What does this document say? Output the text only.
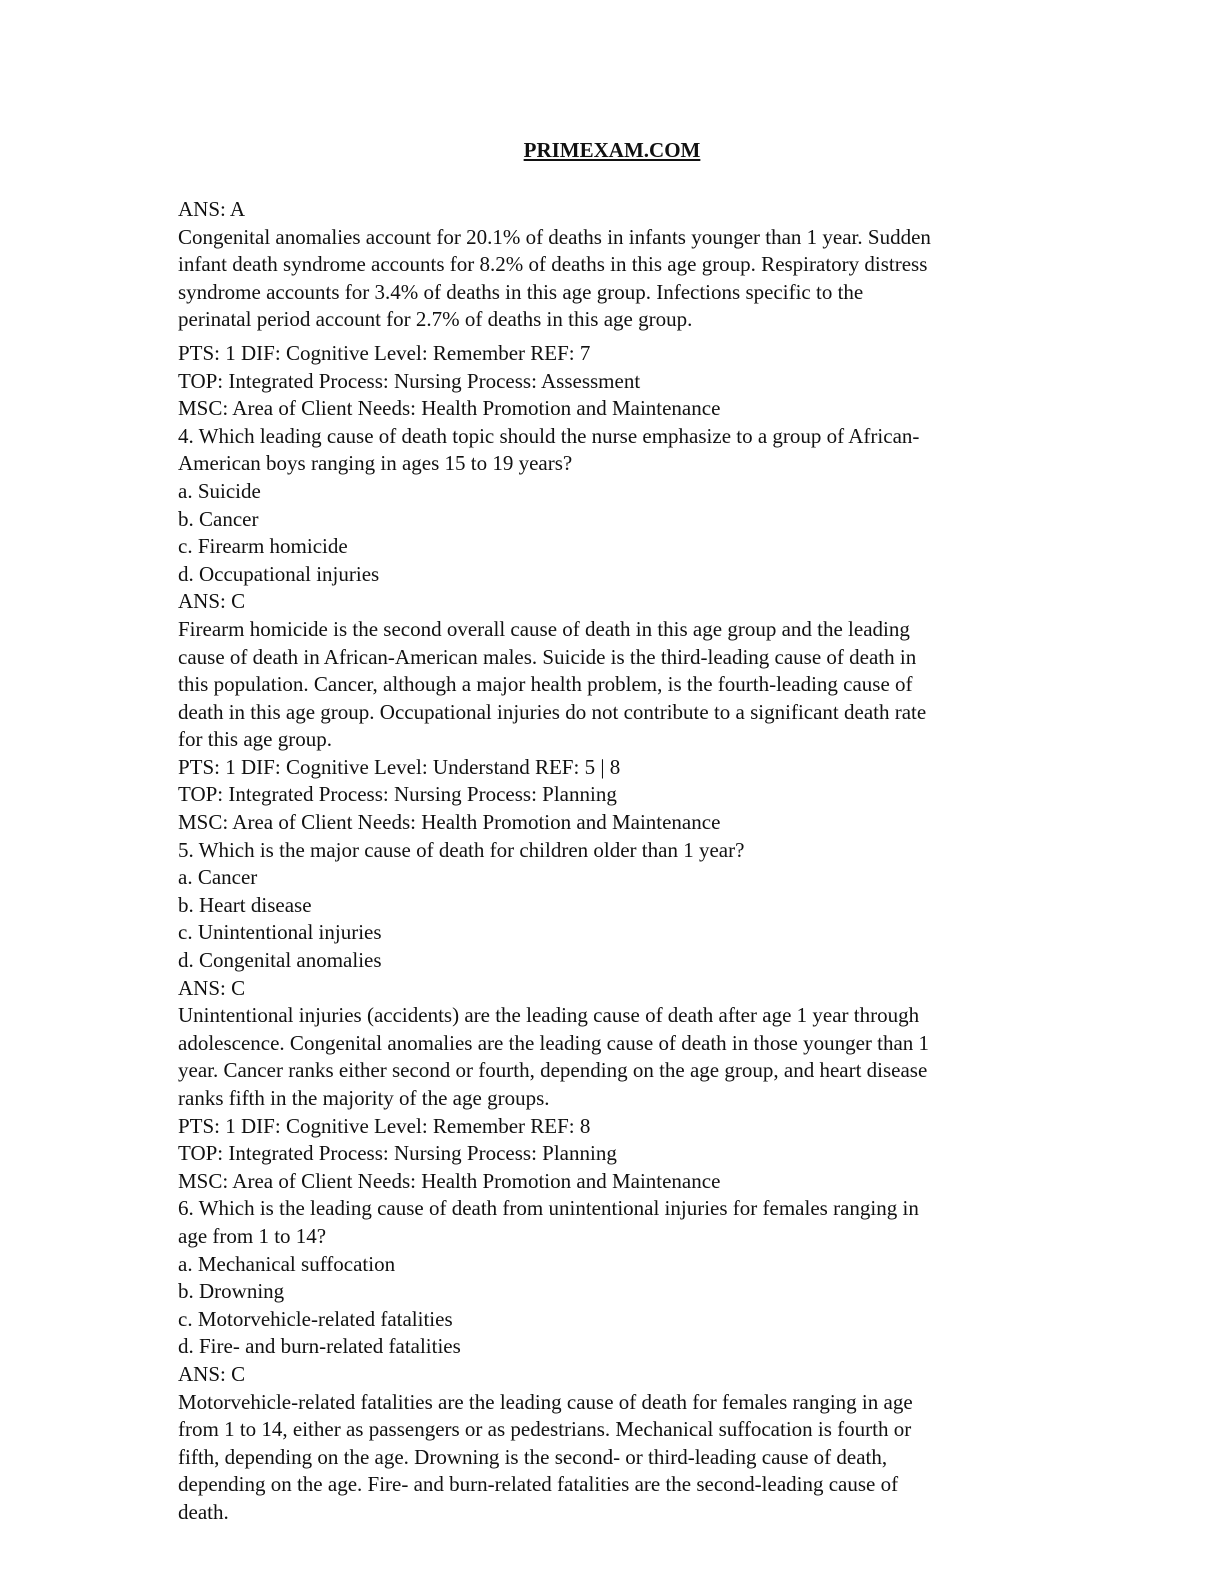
PRIMEXAM.COM
ANS: A
Congenital anomalies account for 20.1% of deaths in infants younger than 1 year. Sudden
infant death syndrome accounts for 8.2% of deaths in this age group. Respiratory distress
syndrome accounts for 3.4% of deaths in this age group. Infections specific to the
perinatal period account for 2.7% of deaths in this age group.
PTS: 1 DIF: Cognitive Level: Remember REF: 7
TOP: Integrated Process: Nursing Process: Assessment
MSC: Area of Client Needs: Health Promotion and Maintenance
4. Which leading cause of death topic should the nurse emphasize to a group of African-
American boys ranging in ages 15 to 19 years?
a. Suicide
b. Cancer
c. Firearm homicide
d. Occupational injuries
ANS: C
Firearm homicide is the second overall cause of death in this age group and the leading
cause of death in African-American males. Suicide is the third-leading cause of death in
this population. Cancer, although a major health problem, is the fourth-leading cause of
death in this age group. Occupational injuries do not contribute to a significant death rate
for this age group.
PTS: 1 DIF: Cognitive Level: Understand REF: 5 | 8
TOP: Integrated Process: Nursing Process: Planning
MSC: Area of Client Needs: Health Promotion and Maintenance
5. Which is the major cause of death for children older than 1 year?
a. Cancer
b. Heart disease
c. Unintentional injuries
d. Congenital anomalies
ANS: C
Unintentional injuries (accidents) are the leading cause of death after age 1 year through
adolescence. Congenital anomalies are the leading cause of death in those younger than 1
year. Cancer ranks either second or fourth, depending on the age group, and heart disease
ranks fifth in the majority of the age groups.
PTS: 1 DIF: Cognitive Level: Remember REF: 8
TOP: Integrated Process: Nursing Process: Planning
MSC: Area of Client Needs: Health Promotion and Maintenance
6. Which is the leading cause of death from unintentional injuries for females ranging in
age from 1 to 14?
a. Mechanical suffocation
b. Drowning
c. Motorvehicle-related fatalities
d. Fire- and burn-related fatalities
ANS: C
Motorvehicle-related fatalities are the leading cause of death for females ranging in age
from 1 to 14, either as passengers or as pedestrians. Mechanical suffocation is fourth or
fifth, depending on the age. Drowning is the second- or third-leading cause of death,
depending on the age. Fire- and burn-related fatalities are the second-leading cause of
death.
